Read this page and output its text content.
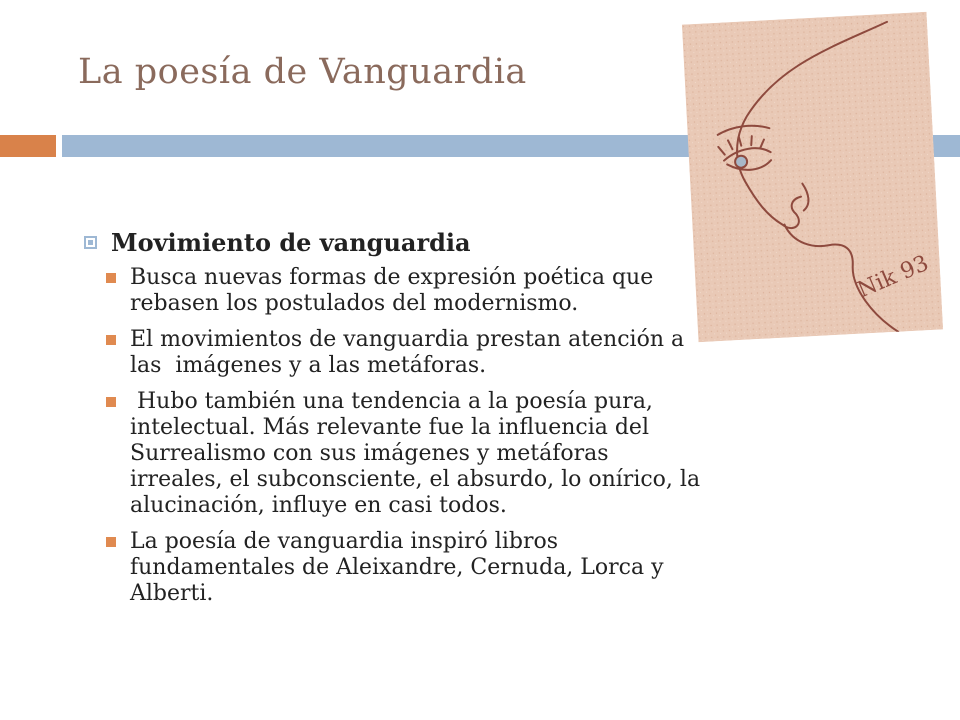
La poesía de Vanguardia
Nik 93
Movimiento de vanguardia
Busca nuevas formas de expresión poética que
rebasen los postulados del modernismo.
El movimientos de vanguardia prestan atención a
las  imágenes y a las metáforas.
Hubo también una tendencia a la poesía pura,
intelectual. Más relevante fue la influencia del
Surrealismo con sus imágenes y metáforas
irreales, el subconsciente, el absurdo, lo onírico, la
alucinación, influye en casi todos.
La poesía de vanguardia inspiró libros
fundamentales de Aleixandre, Cernuda, Lorca y
Alberti.
